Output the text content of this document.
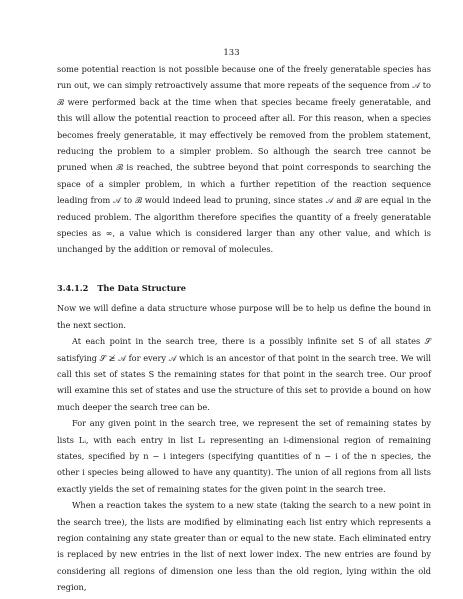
133

some potential reaction is not possible because one of the freely generatable species has run out, we can simply retroactively assume that more repeats of the sequence from 𝒜 to ℬ were performed back at the time when that species became freely generatable, and this will allow the potential reaction to proceed after all. For this reason, when a species becomes freely generatable, it may effectively be removed from the problem statement, reducing the problem to a simpler problem. So although the search tree cannot be pruned when ℬ is reached, the subtree beyond that point corresponds to searching the space of a simpler problem, in which a further repetition of the reaction sequence leading from 𝒜 to ℬ would indeed lead to pruning, since states 𝒜 and ℬ are equal in the reduced problem. The algorithm therefore specifies the quantity of a freely generatable species as ∞, a value which is considered larger than any other value, and which is unchanged by the addition or removal of molecules.

3.4.1.2 The Data Structure

Now we will define a data structure whose purpose will be to help us define the bound in the next section.

At each point in the search tree, there is a possibly infinite set S of all states 𝒮 satisfying 𝒮 ≱ 𝒜 for every 𝒜 which is an ancestor of that point in the search tree. We will call this set of states S the remaining states for that point in the search tree. Our proof will examine this set of states and use the structure of this set to provide a bound on how much deeper the search tree can be.

For any given point in the search tree, we represent the set of remaining states by lists Lᵢ, with each entry in list Lᵢ representing an i-dimensional region of remaining states, specified by n − i integers (specifying quantities of n − i of the n species, the other i species being allowed to have any quantity). The union of all regions from all lists exactly yields the set of remaining states for the given point in the search tree.

When a reaction takes the system to a new state (taking the search to a new point in the search tree), the lists are modified by eliminating each list entry which represents a region containing any state greater than or equal to the new state. Each eliminated entry is replaced by new entries in the list of next lower index. The new entries are found by considering all regions of dimension one less than the old region, lying within the old region,
